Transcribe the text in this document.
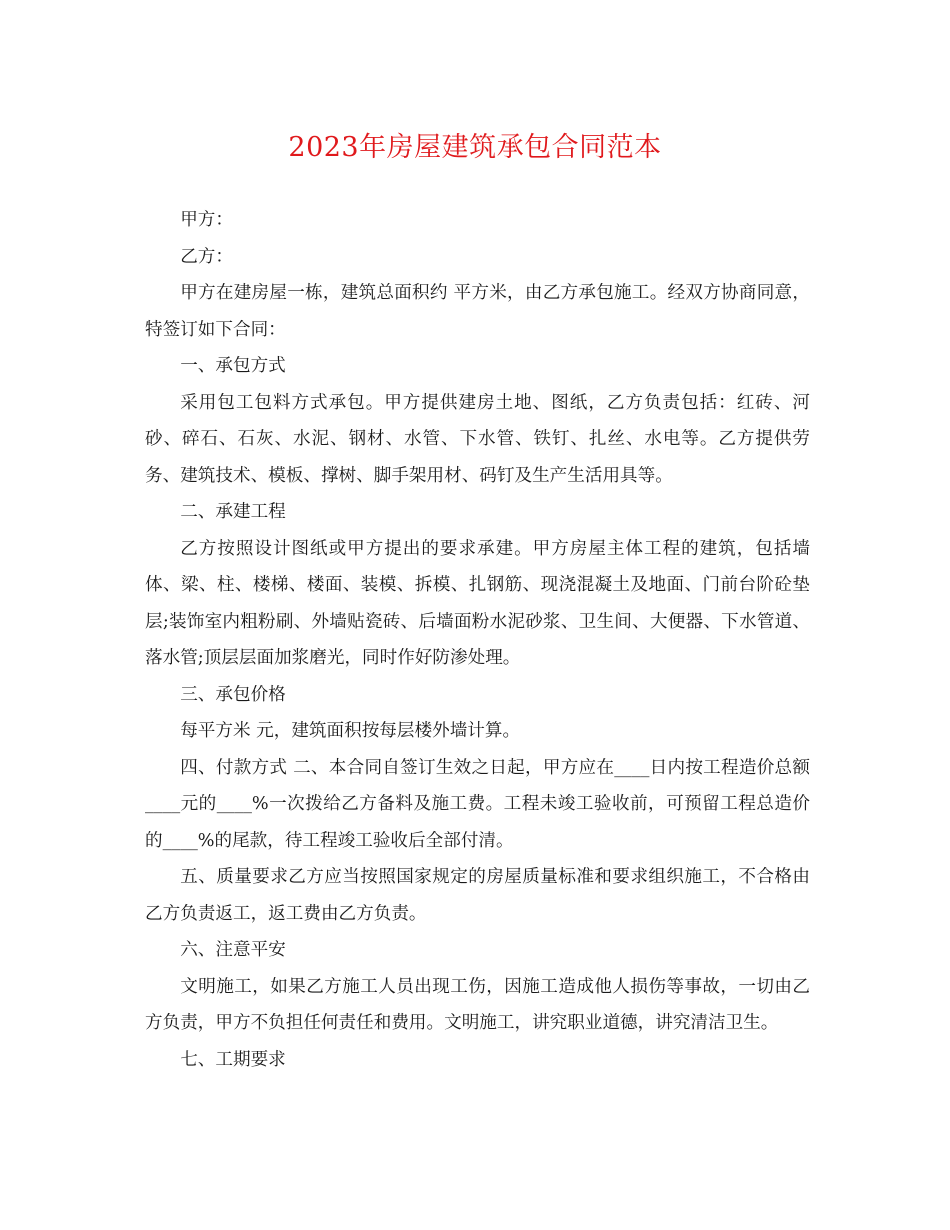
2023年房屋建筑承包合同范本

甲方：

乙方：

甲方在建房屋一栋，建筑总面积约 平方米，由乙方承包施工。经双方协商同意，特签订如下合同：

一、承包方式

采用包工包料方式承包。甲方提供建房土地、图纸，乙方负责包括：红砖、河砂、碎石、石灰、水泥、钢材、水管、下水管、铁钉、扎丝、水电等。乙方提供劳务、建筑技术、模板、撑树、脚手架用材、码钉及生产生活用具等。

二、承建工程

乙方按照设计图纸或甲方提出的要求承建。甲方房屋主体工程的建筑，包括墙体、梁、柱、楼梯、楼面、装模、拆模、扎钢筋、现浇混凝土及地面、门前台阶砼垫层;装饰室内粗粉刷、外墙贴瓷砖、后墙面粉水泥砂浆、卫生间、大便器、下水管道、落水管;顶层层面加浆磨光，同时作好防渗处理。

三、承包价格

每平方米 元，建筑面积按每层楼外墙计算。

四、付款方式 二、本合同自签订生效之日起，甲方应在____日内按工程造价总额____元的____%一次拨给乙方备料及施工费。工程未竣工验收前，可预留工程总造价的____%的尾款，待工程竣工验收后全部付清。

五、质量要求乙方应当按照国家规定的房屋质量标准和要求组织施工，不合格由乙方负责返工，返工费由乙方负责。

六、注意平安

文明施工，如果乙方施工人员出现工伤，因施工造成他人损伤等事故，一切由乙方负责，甲方不负担任何责任和费用。文明施工，讲究职业道德，讲究清洁卫生。

七、工期要求
